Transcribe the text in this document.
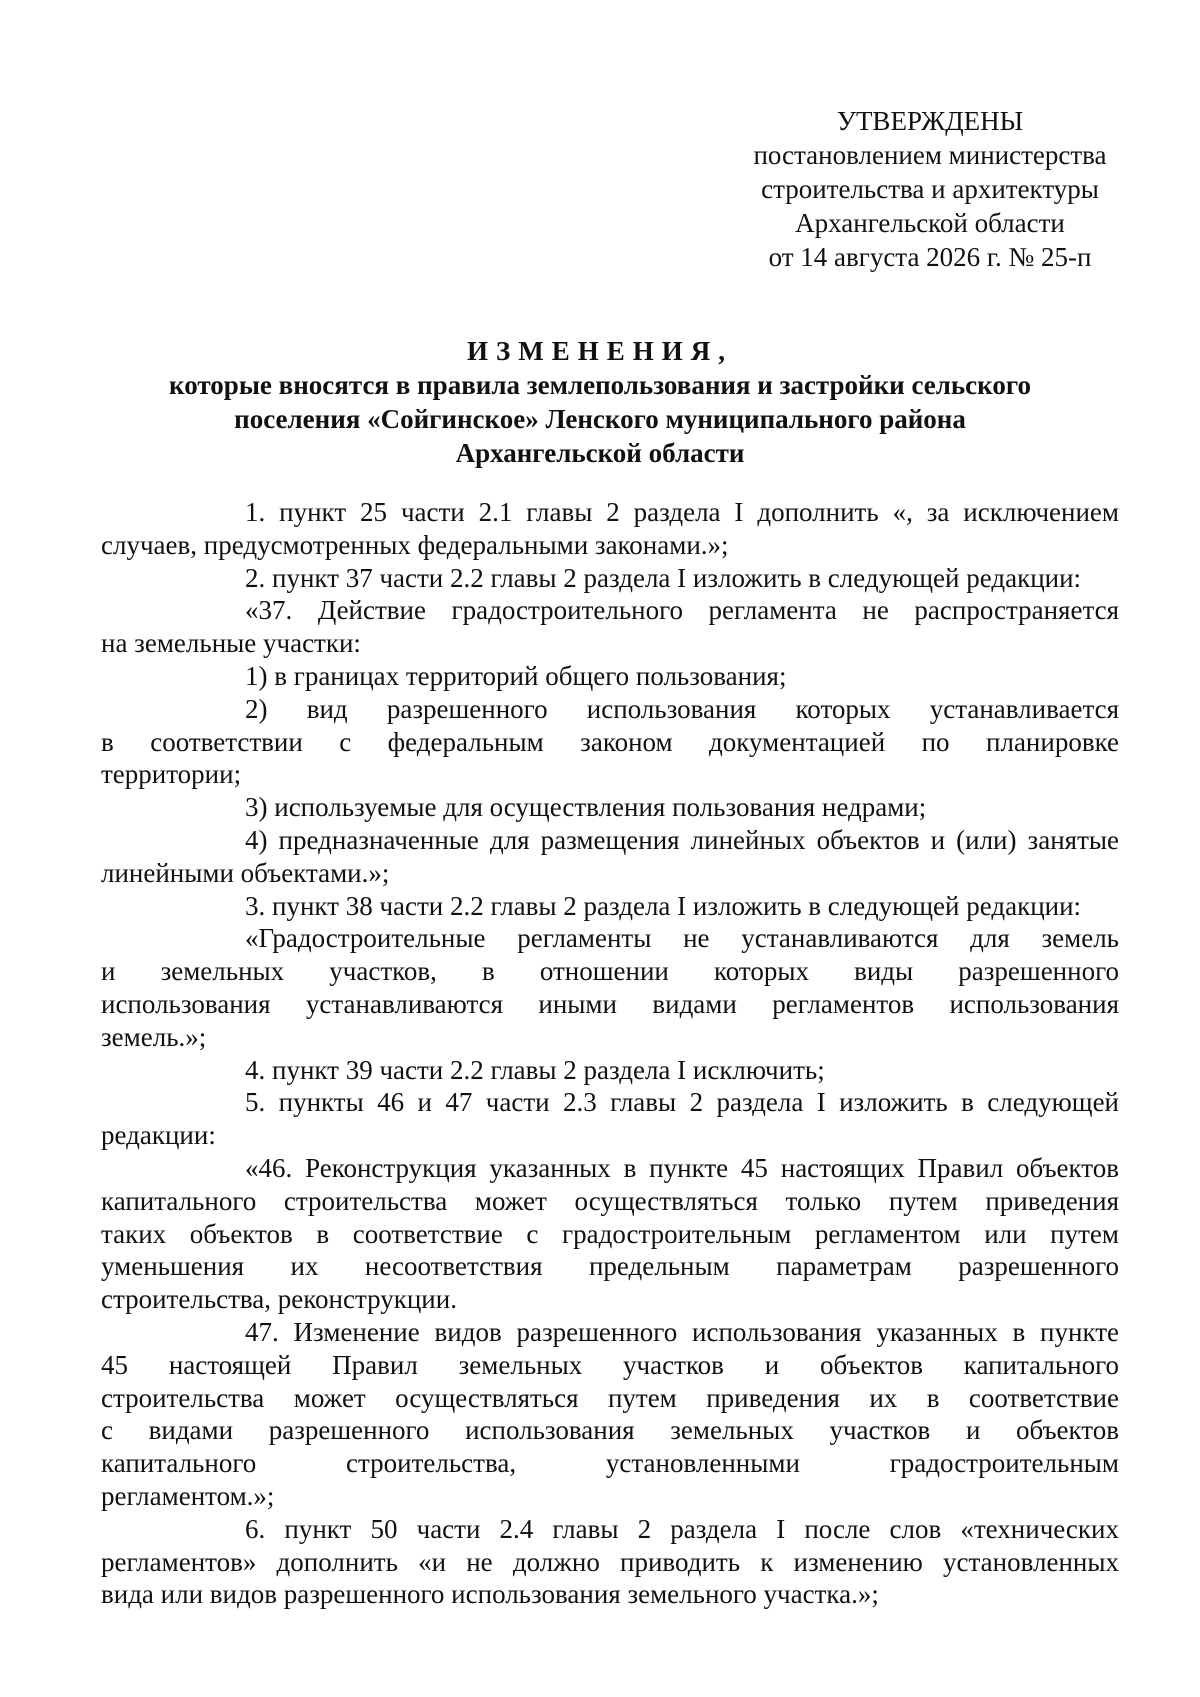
УТВЕРЖДЕНЫ
постановлением министерства
строительства и архитектуры
Архангельской области
от 14 августа 2026 г. № 25-п
ИЗМЕНЕНИЯ,
которые вносятся в правила землепользования и застройки сельского
поселения «Сойгинское» Ленского муниципального района
Архангельской области

1. пункт 25 части 2.1 главы 2 раздела I дополнить «, за исключением
случаев, предусмотренных федеральными законами.»;

2. пункт 37 части 2.2 главы 2 раздела I изложить в следующей редакции:

«37. Действие градостроительного регламента не распространяется
на земельные участки:

1) в границах территорий общего пользования;

2) вид разрешенного использования которых устанавливается
в соответствии с федеральным законом документацией по планировке
территории;

3) используемые для осуществления пользования недрами;

4) предназначенные для размещения линейных объектов и (или) занятые
линейными объектами.»;

3. пункт 38 части 2.2 главы 2 раздела I изложить в следующей редакции:

«Градостроительные регламенты не устанавливаются для земель
и земельных участков, в отношении которых виды разрешенного
использования устанавливаются иными видами регламентов использования
земель.»;

4. пункт 39 части 2.2 главы 2 раздела I исключить;

5. пункты 46 и 47 части 2.3 главы 2 раздела I изложить в следующей
редакции:

«46. Реконструкция указанных в пункте 45 настоящих Правил объектов
капитального строительства может осуществляться только путем приведения
таких объектов в соответствие с градостроительным регламентом или путем
уменьшения их несоответствия предельным параметрам разрешенного
строительства, реконструкции.

47. Изменение видов разрешенного использования указанных в пункте
45 настоящей Правил земельных участков и объектов капитального
строительства может осуществляться путем приведения их в соответствие
с видами разрешенного использования земельных участков и объектов
капитального строительства, установленными градостроительным
регламентом.»;

6. пункт 50 части 2.4 главы 2 раздела I после слов «технических
регламентов» дополнить «и не должно приводить к изменению установленных
вида или видов разрешенного использования земельного участка.»;
